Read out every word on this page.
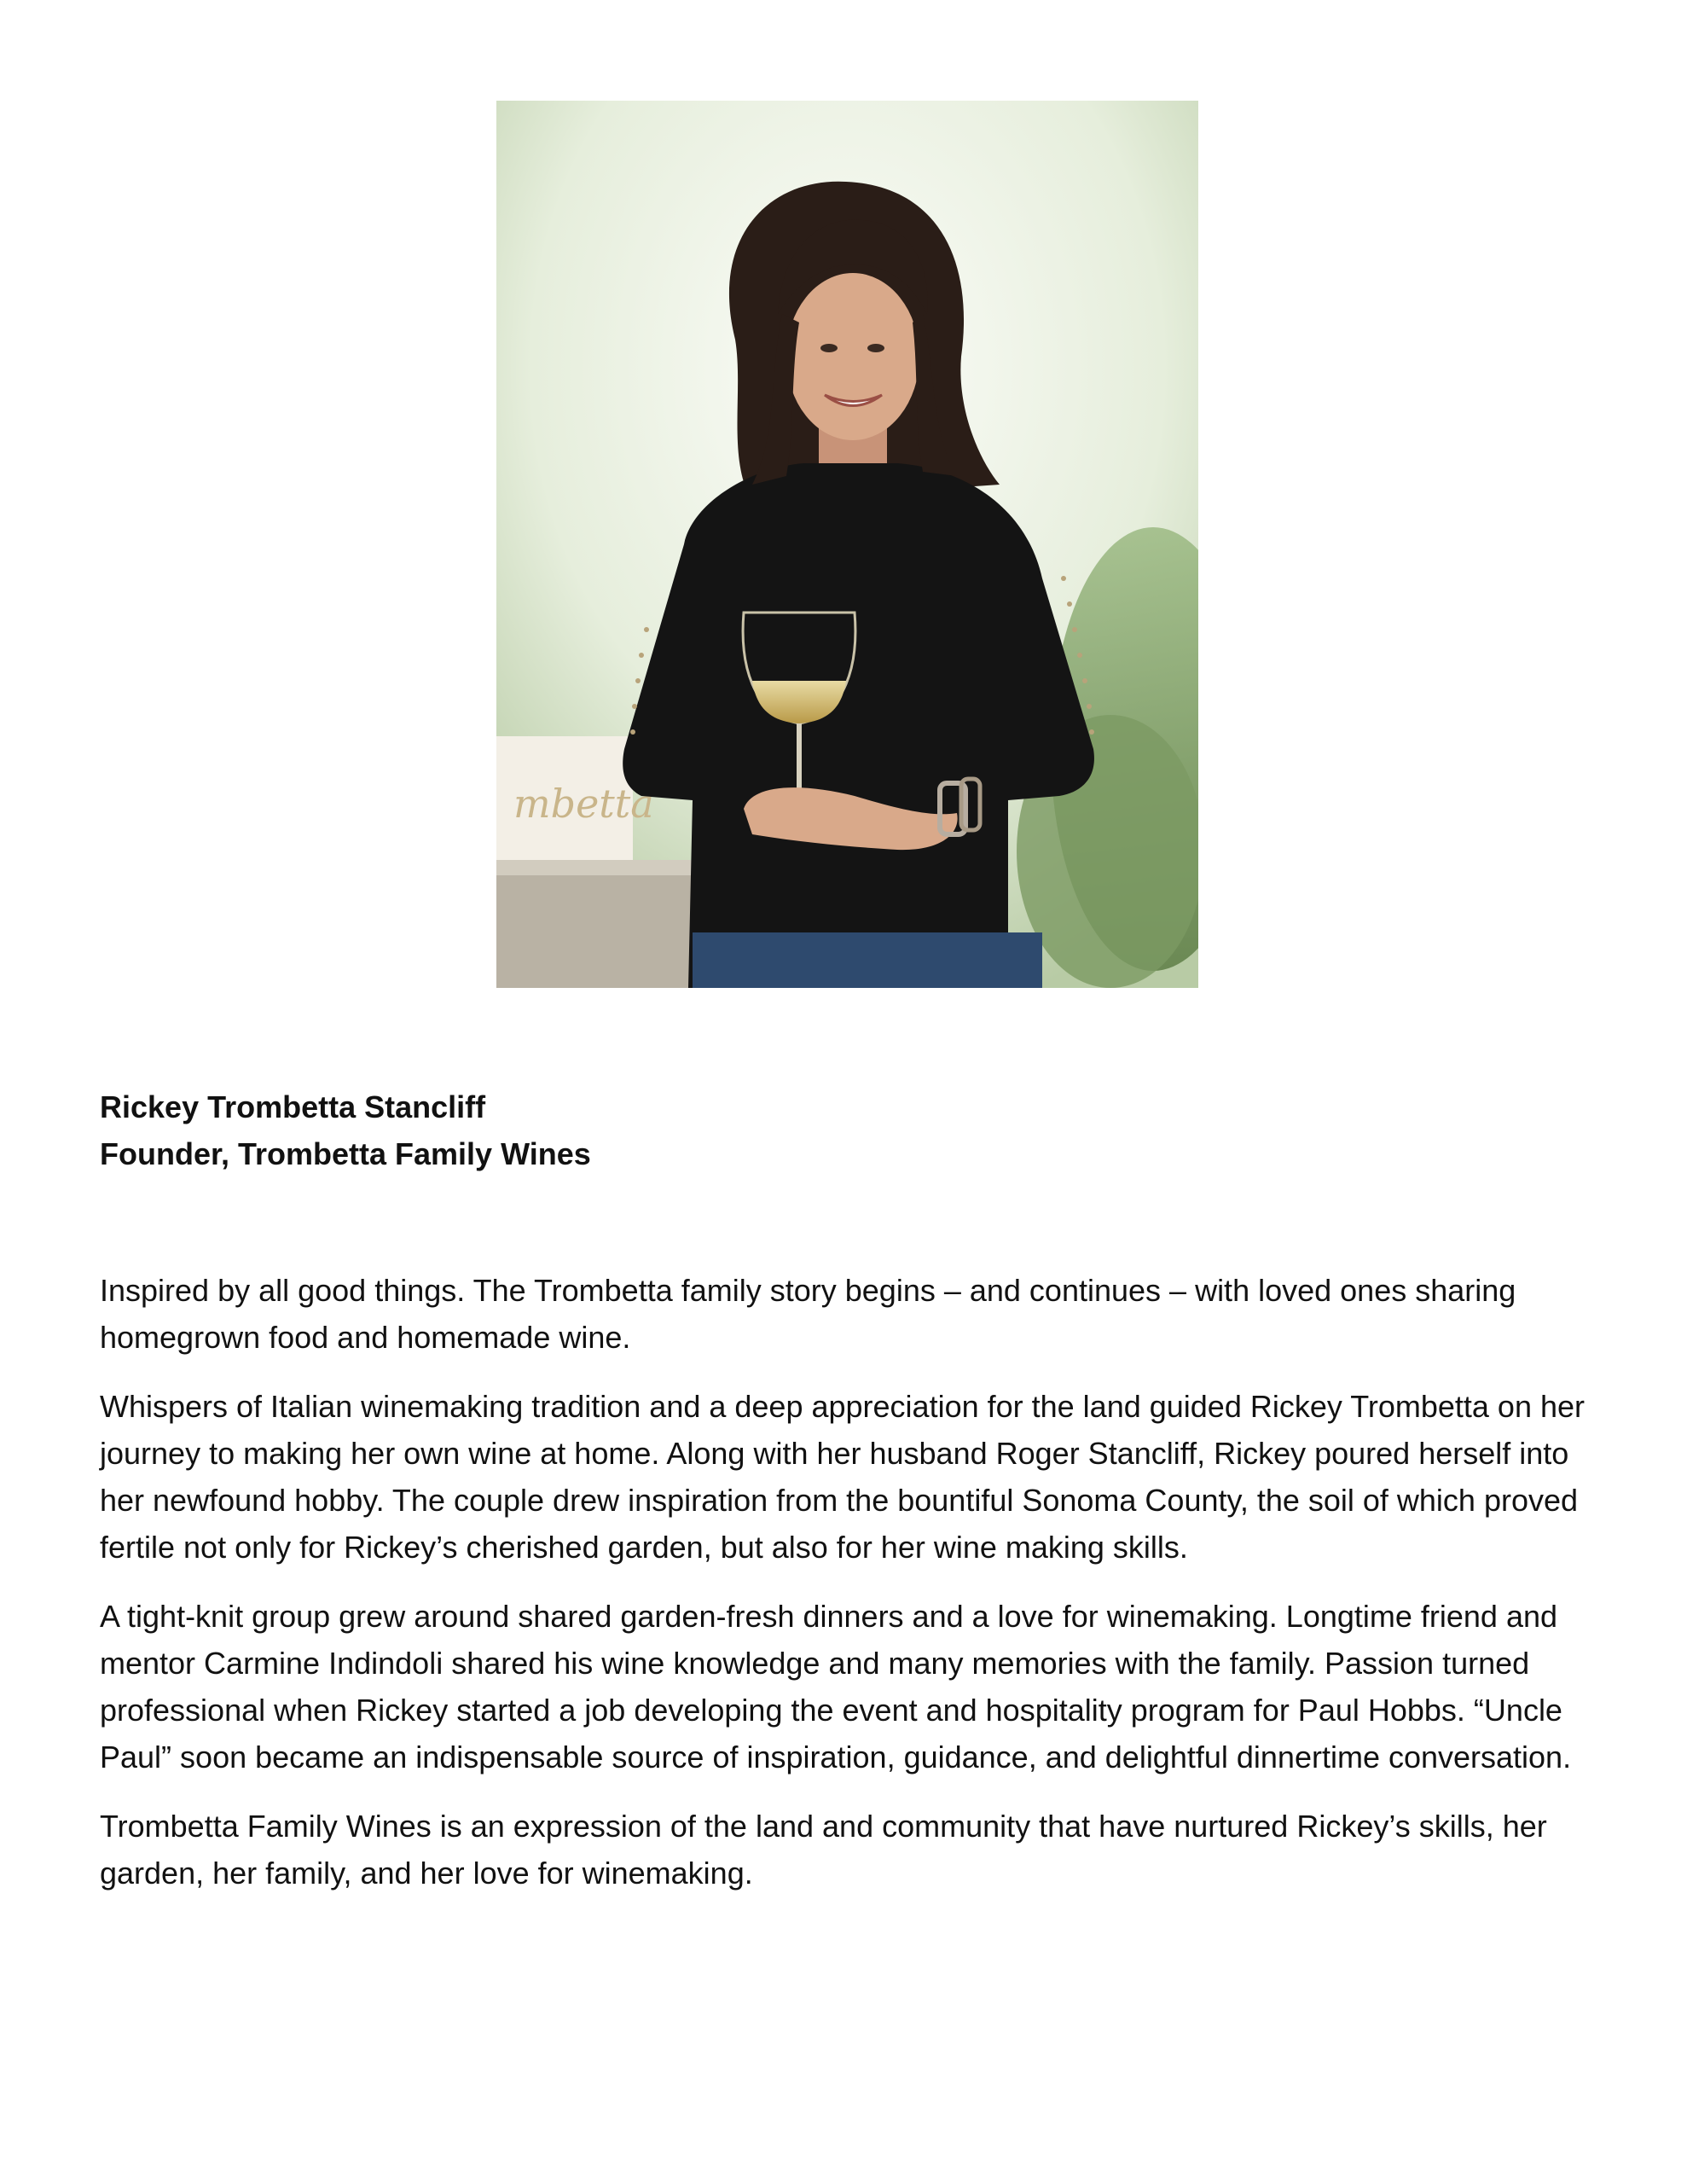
mbetta
Rickey Trombetta Stancliff
Founder, Trombetta Family Wines

Inspired by all good things. The Trombetta family story begins – and continues – with loved ones sharing homegrown food and homemade wine.

Whispers of Italian winemaking tradition and a deep appreciation for the land guided Rickey Trombetta on her journey to making her own wine at home. Along with her husband Roger Stancliff, Rickey poured herself into her newfound hobby. The couple drew inspiration from the bountiful Sonoma County, the soil of which proved fertile not only for Rickey’s cherished garden, but also for her wine making skills.

A tight-knit group grew around shared garden-fresh dinners and a love for winemaking. Longtime friend and mentor Carmine Indindoli shared his wine knowledge and many memories with the family. Passion turned professional when Rickey started a job developing the event and hospitality program for Paul Hobbs. “Uncle Paul” soon became an indispensable source of inspiration, guidance, and delightful dinnertime conversation.

Trombetta Family Wines is an expression of the land and community that have nurtured Rickey’s skills, her garden, her family, and her love for winemaking.
